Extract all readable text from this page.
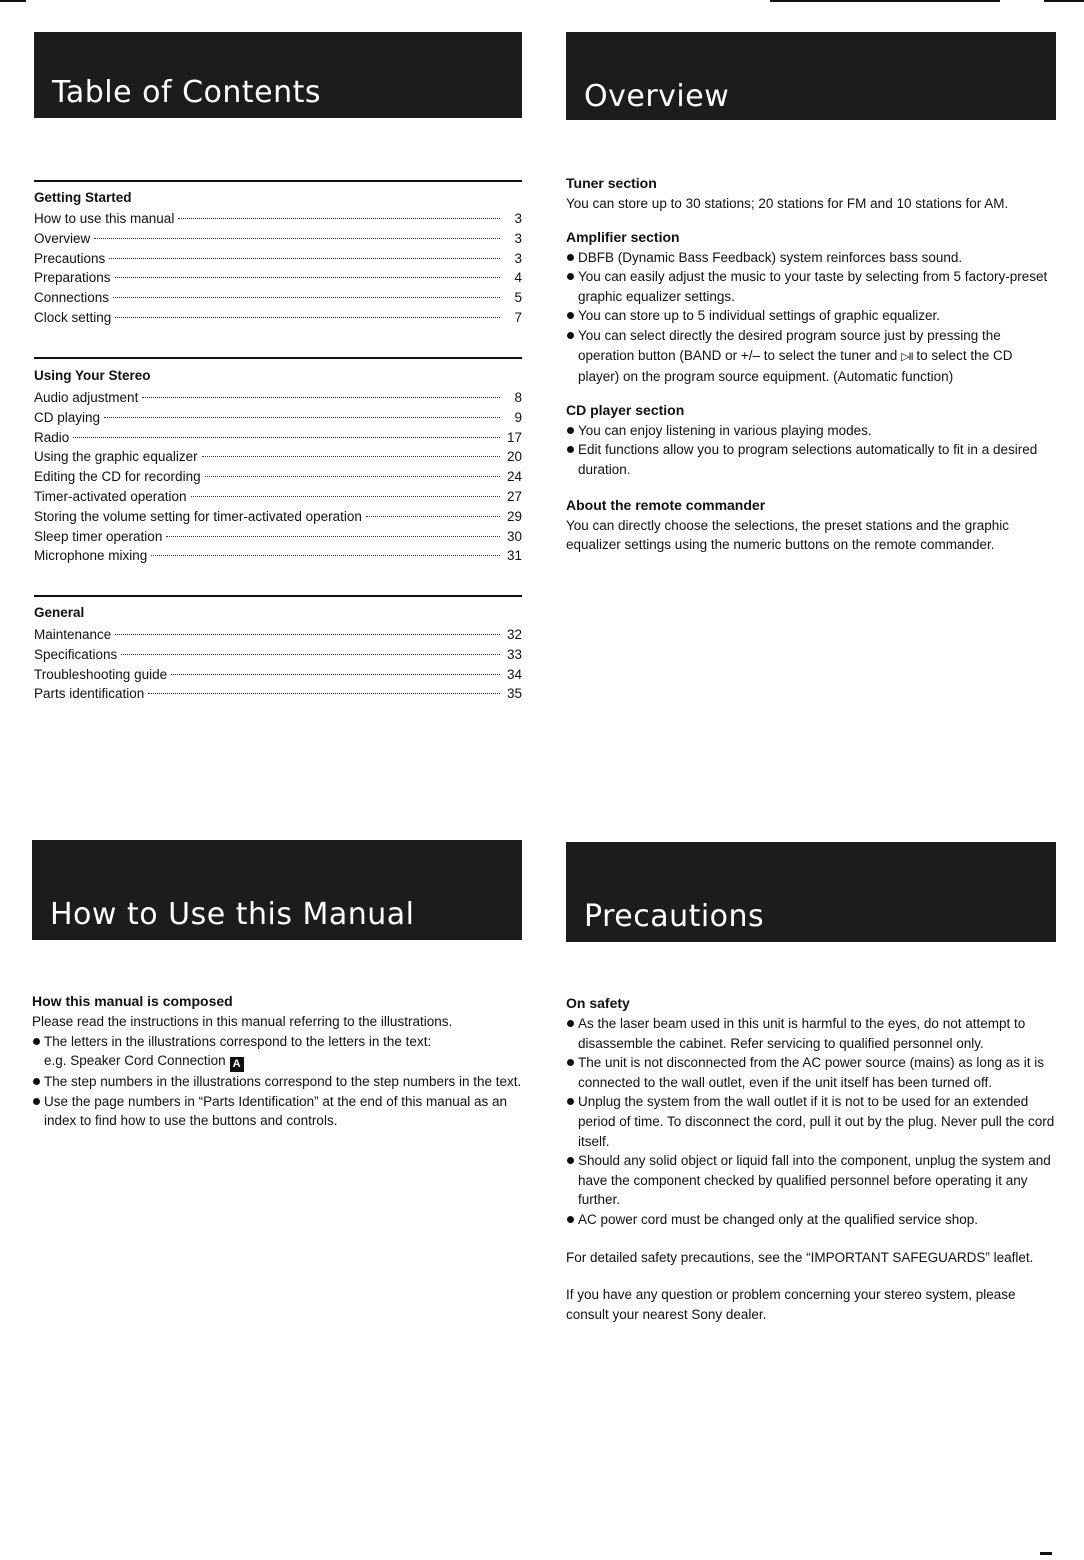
Table of Contents	Overview
How to Use this Manual	Precautions
Getting Started
How to use this manual	3
Overview	3
Precautions	3
Preparations	4
Connections	5
Clock setting	7
Using Your Stereo
Audio adjustment	8
CD playing	9
Radio	17
Using the graphic equalizer	20
Editing the CD for recording	24
Timer-activated operation	27
Storing the volume setting for timer-activated operation	29
Sleep timer operation	30
Microphone mixing	31
General
Maintenance	32
Specifications	33
Troubleshooting guide	34
Parts identification	35
Tuner section

You can store up to 30 stations; 20 stations for FM and 10 stations for AM.

Amplifier section
DBFB (Dynamic Bass Feedback) system reinforces bass sound.
You can easily adjust the music to your taste by selecting from 5 factory-preset graphic equalizer settings.
You can store up to 5 individual settings of graphic equalizer.
You can select directly the desired program source just by pressing the operation button (BAND or +/– to select the tuner and ▷II to select the CD player) on the program source equipment. (Automatic function)
CD player section
You can enjoy listening in various playing modes.
Edit functions allow you to program selections automatically to fit in a desired duration.
About the remote commander

You can directly choose the selections, the preset stations and the graphic equalizer settings using the numeric buttons on the remote commander.

How this manual is composed

Please read the instructions in this manual referring to the illustrations.

The letters in the illustrations correspond to the letters in the text:
e.g. Speaker Cord Connection A
The step numbers in the illustrations correspond to the step numbers in the text.
Use the page numbers in “Parts Identification” at the end of this manual as an index to find how to use the buttons and controls.
On safety
As the laser beam used in this unit is harmful to the eyes, do not attempt to disassemble the cabinet. Refer servicing to qualified personnel only.
The unit is not disconnected from the AC power source (mains) as long as it is connected to the wall outlet, even if the unit itself has been turned off.
Unplug the system from the wall outlet if it is not to be used for an extended period of time. To disconnect the cord, pull it out by the plug. Never pull the cord itself.
Should any solid object or liquid fall into the component, unplug the system and have the component checked by qualified personnel before operating it any further.
AC power cord must be changed only at the qualified service shop.

For detailed safety precautions, see the “IMPORTANT SAFEGUARDS” leaflet.

If you have any question or problem concerning your stereo system, please consult your nearest Sony dealer.
